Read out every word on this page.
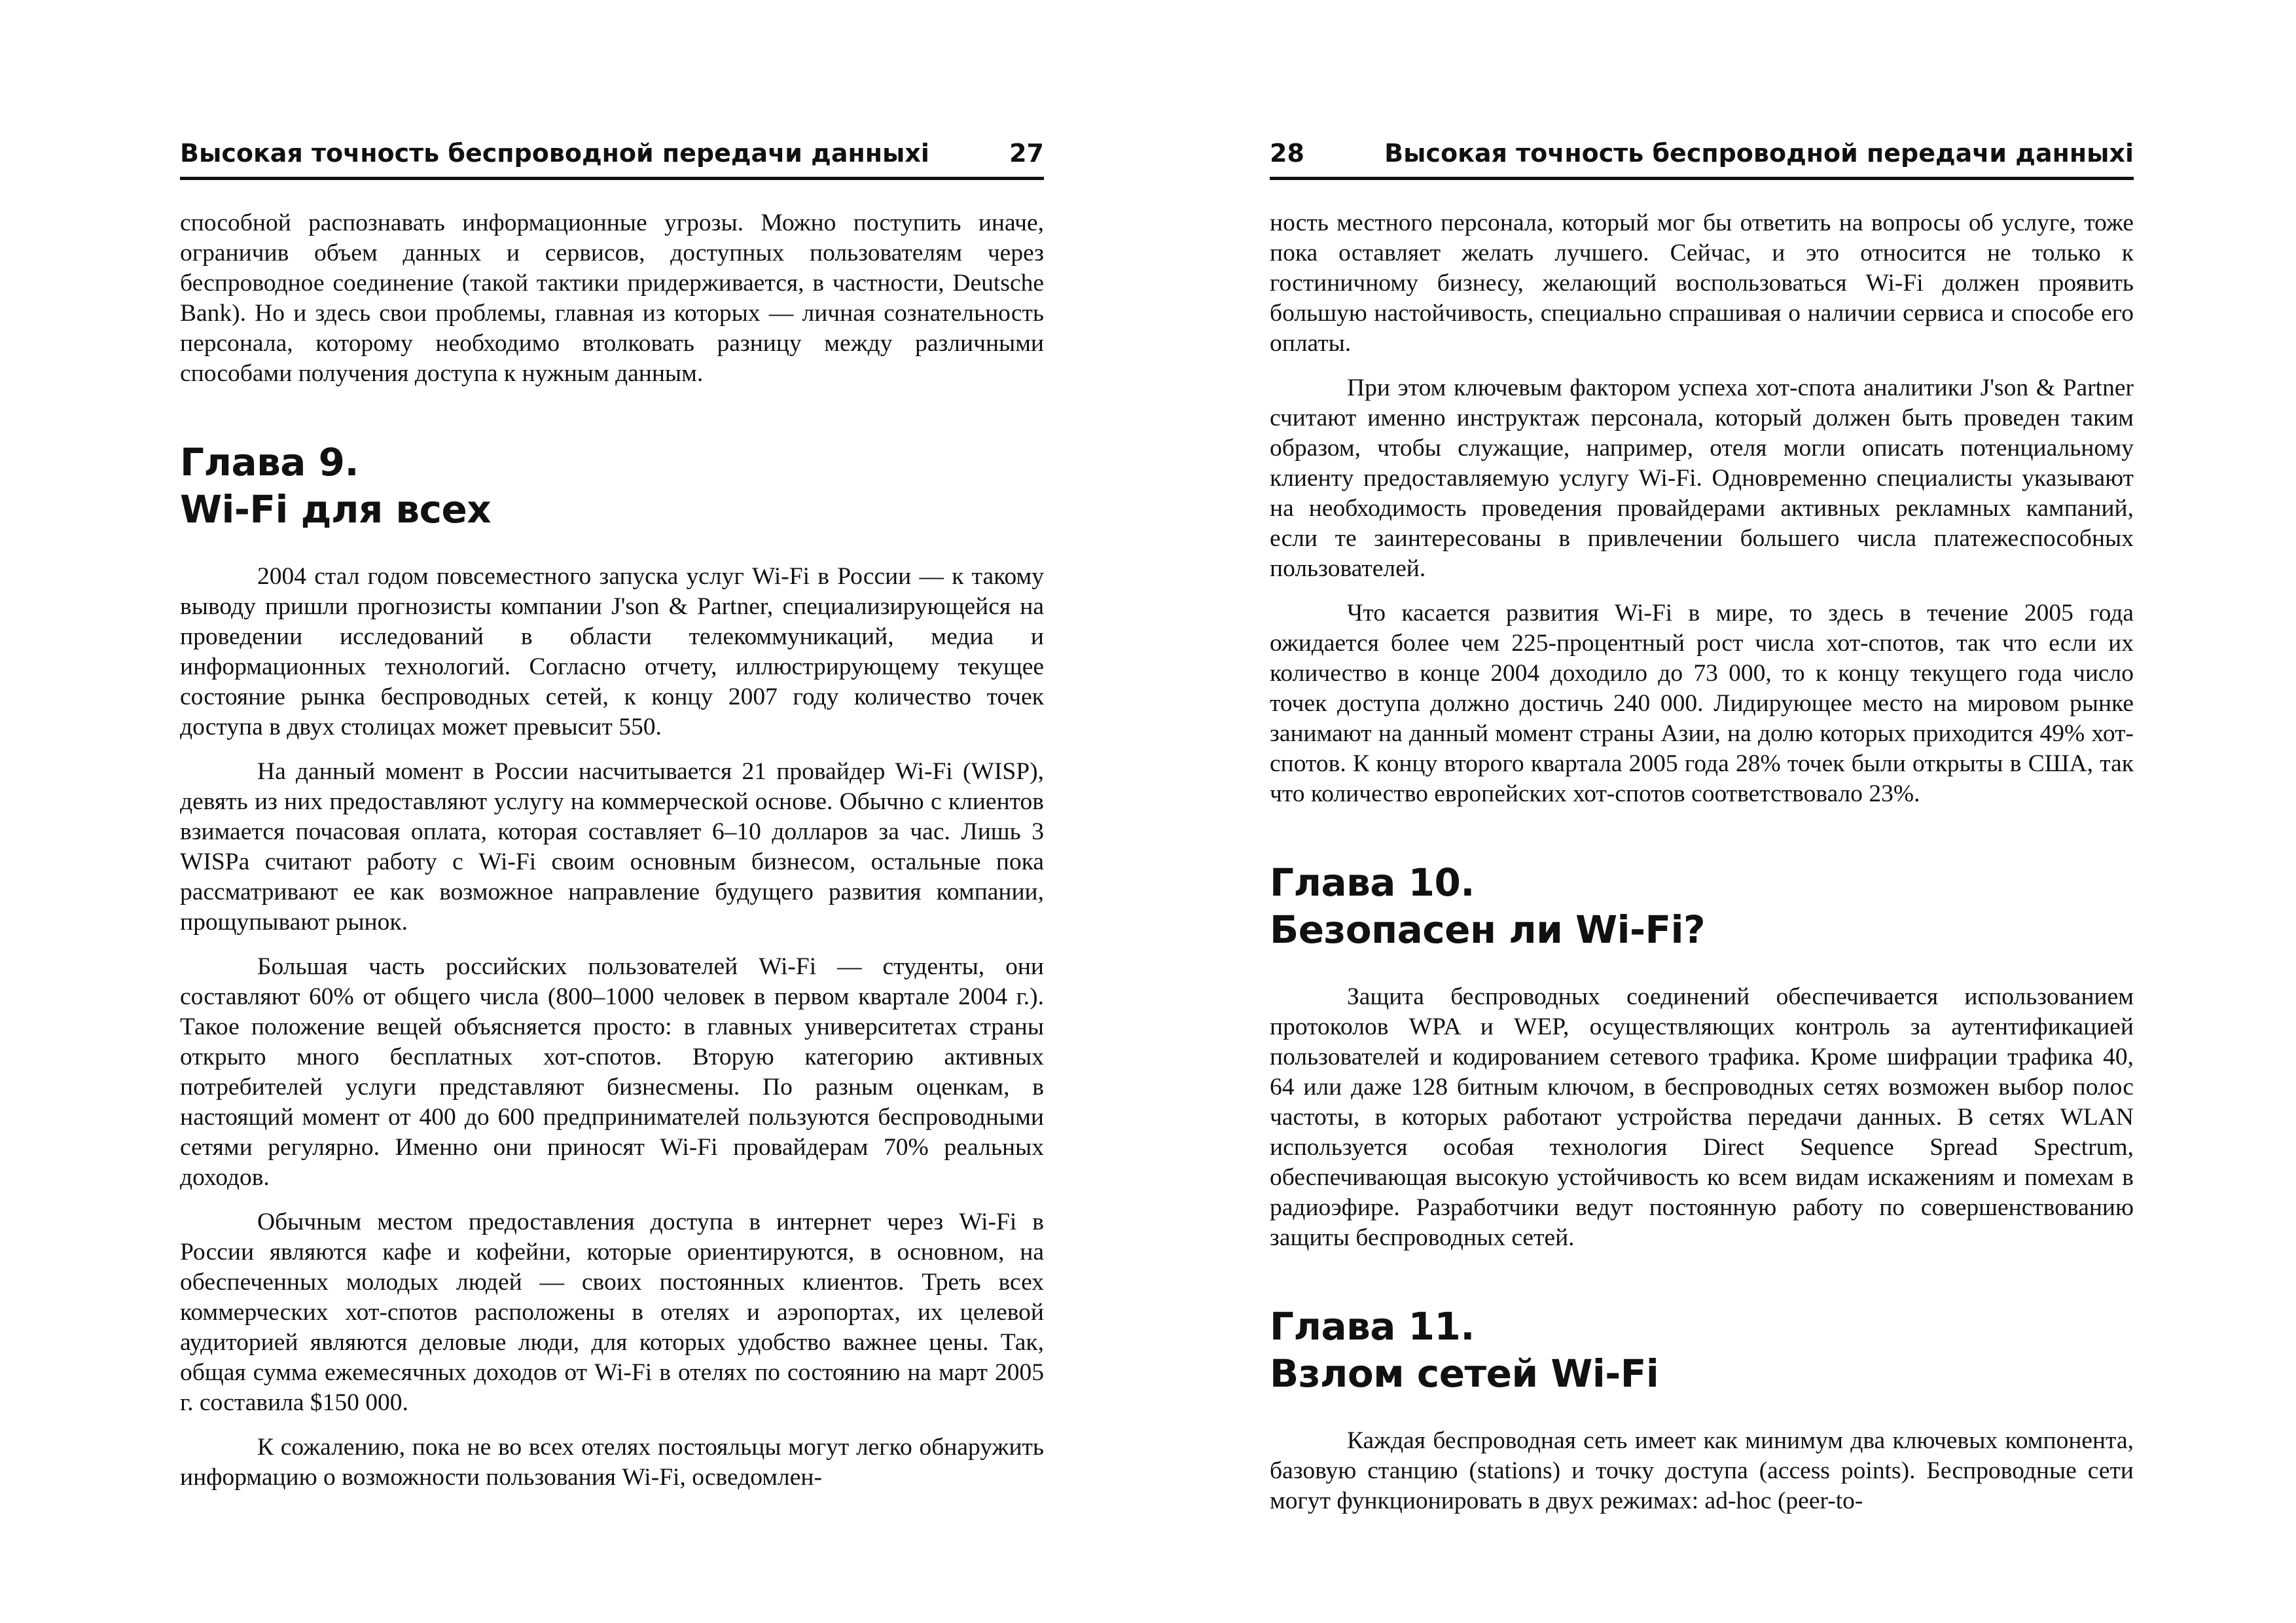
Высокая точность беспроводной передачи данныхі	27

способной распознавать информационные угрозы. Можно поступить иначе, ограничив объем данных и сервисов, доступных пользователям через беспроводное соединение (такой тактики придерживается, в частности, Deutsche Bank). Но и здесь свои проблемы, главная из которых — личная сознательность персонала, которому необходимо втолковать разницу между различными способами получения доступа к нужным данным.

Глава 9.
Wi-Fi для всех

2004 стал годом повсеместного запуска услуг Wi-Fi в России — к такому выводу пришли прогнозисты компании J'son & Partner, специализирующейся на проведении исследований в области телекоммуникаций, медиа и информационных технологий. Согласно отчету, иллюстрирующему текущее состояние рынка беспроводных сетей, к концу 2007 году количество точек доступа в двух столицах может превысит 550.

На данный момент в России насчитывается 21 провайдер Wi-Fi (WISP), девять из них предоставляют услугу на коммерческой основе. Обычно с клиентов взимается почасовая оплата, которая составляет 6–10 долларов за час. Лишь 3 WISPа считают работу с Wi-Fi своим основным бизнесом, остальные пока рассматривают ее как возможное направление будущего развития компании, прощупывают рынок.

Большая часть российских пользователей Wi-Fi — студенты, они составляют 60% от общего числа (800–1000 человек в первом квартале 2004 г.). Такое положение вещей объясняется просто: в главных университетах страны открыто много бесплатных хот-спотов. Вторую категорию активных потребителей услуги представляют бизнесмены. По разным оценкам, в настоящий момент от 400 до 600 предпринимателей пользуются беспроводными сетями регулярно. Именно они приносят Wi-Fi провайдерам 70% реальных доходов.

Обычным местом предоставления доступа в интернет через Wi-Fi в России являются кафе и кофейни, которые ориентируются, в основном, на обеспеченных молодых людей — своих постоянных клиентов. Треть всех коммерческих хот-спотов расположены в отелях и аэропортах, их целевой аудиторией являются деловые люди, для которых удобство важнее цены. Так, общая сумма ежемесячных доходов от Wi-Fi в отелях по состоянию на март 2005 г. составила $150 000.

К сожалению, пока не во всех отелях постояльцы могут легко обнаружить информацию о возможности пользования Wi-Fi, осведомлен-

28	Высокая точность беспроводной передачи данныхі

ность местного персонала, который мог бы ответить на вопросы об услуге, тоже пока оставляет желать лучшего. Сейчас, и это относится не только к гостиничному бизнесу, желающий воспользоваться Wi-Fi должен проявить большую настойчивость, специально спрашивая о наличии сервиса и способе его оплаты.

При этом ключевым фактором успеха хот-спота аналитики J'son & Partner считают именно инструктаж персонала, который должен быть проведен таким образом, чтобы служащие, например, отеля могли описать потенциальному клиенту предоставляемую услугу Wi-Fi. Одновременно специалисты указывают на необходимость проведения провайдерами активных рекламных кампаний, если те заинтересованы в привлечении большего числа платежеспособных пользователей.

Что касается развития Wi-Fi в мире, то здесь в течение 2005 года ожидается более чем 225-процентный рост числа хот-спотов, так что если их количество в конце 2004 доходило до 73 000, то к концу текущего года число точек доступа должно достичь 240 000. Лидирующее место на мировом рынке занимают на данный момент страны Азии, на долю которых приходится 49% хот-спотов. К концу второго квартала 2005 года 28% точек были открыты в США, так что количество европейских хот-спотов соответствовало 23%.

Глава 10.
Безопасен ли Wi-Fi?

Защита беспроводных соединений обеспечивается использованием протоколов WPA и WEP, осуществляющих контроль за аутентификацией пользователей и кодированием сетевого трафика. Кроме шифрации трафика 40, 64 или даже 128 битным ключом, в беспроводных сетях возможен выбор полос частоты, в которых работают устройства передачи данных. В сетях WLAN используется особая технология Direct Sequence Spread Spectrum, обеспечивающая высокую устойчивость ко всем видам искажениям и помехам в радиоэфире. Разработчики ведут постоянную работу по совершенствованию защиты беспроводных сетей.

Глава 11.
Взлом сетей Wi-Fi

Каждая беспроводная сеть имеет как минимум два ключевых компонента, базовую станцию (stations) и точку доступа (access points). Беспроводные сети могут функционировать в двух режимах: ad-hoc (peer-to-
